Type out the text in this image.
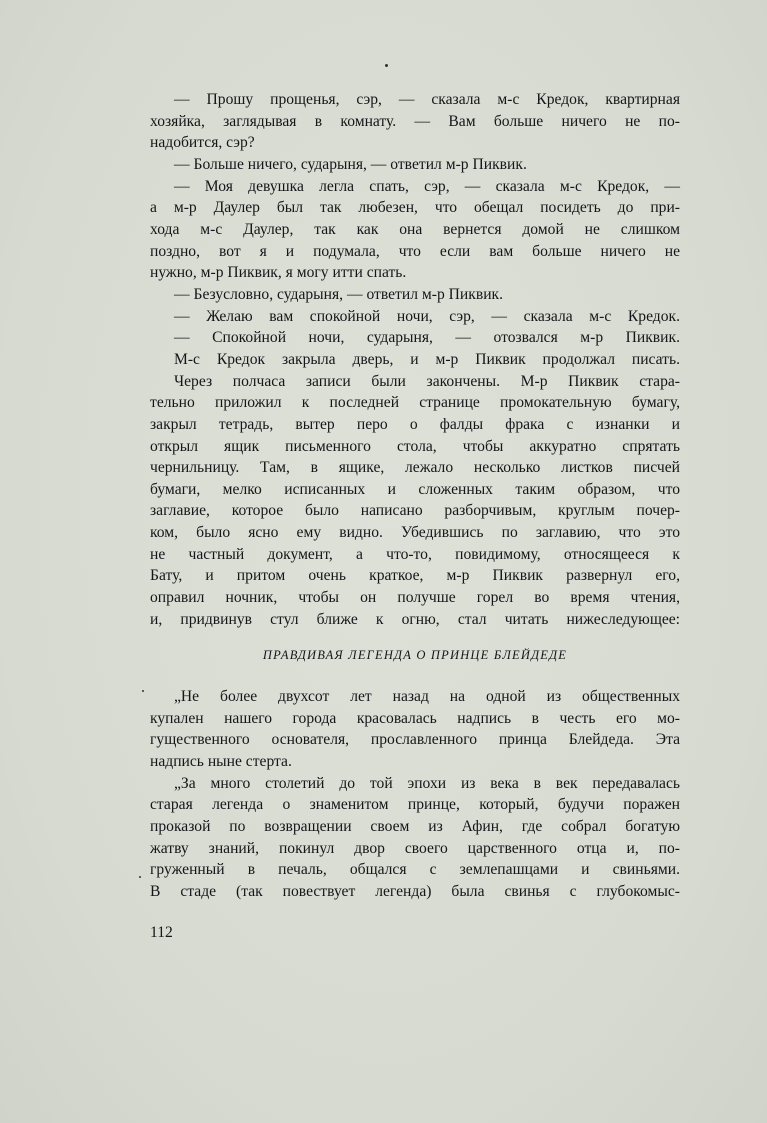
— Прошу прощенья, сэр, — сказала м-с Кредок, квартирная
хозяйка, заглядывая в комнату. — Вам больше ничего не по-
надобится, сэр?
— Больше ничего, сударыня, — ответил м-р Пиквик.
— Моя девушка легла спать, сэр, — сказала м-с Кредок, —
а м-р Даулер был так любезен, что обещал посидеть до при-
хода м-с Даулер, так как она вернется домой не слишком
поздно, вот я и подумала, что если вам больше ничего не
нужно, м-р Пиквик, я могу итти спать.
— Безусловно, сударыня, — ответил м-р Пиквик.
— Желаю вам спокойной ночи, сэр, — сказала м-с Кредок.
— Спокойной ночи, сударыня, — отозвался м-р Пиквик.
М-с Кредок закрыла дверь, и м-р Пиквик продолжал писать.
Через полчаса записи были закончены. М-р Пиквик стара-
тельно приложил к последней странице промокательную бумагу,
закрыл тетрадь, вытер перо о фалды фрака с изнанки и
открыл ящик письменного стола, чтобы аккуратно спрятать
чернильницу. Там, в ящике, лежало несколько листков писчей
бумаги, мелко исписанных и сложенных таким образом, что
заглавие, которое было написано разборчивым, круглым почер-
ком, было ясно ему видно. Убедившись по заглавию, что это
не частный документ, а что-то, повидимому, относящееся к
Бату, и притом очень краткое, м-р Пиквик развернул его,
оправил ночник, чтобы он получше горел во время чтения,
и, придвинув стул ближе к огню, стал читать нижеследующее:
ПРАВДИВАЯ ЛЕГЕНДА О ПРИНЦЕ БЛЕЙДЕДЕ
„Не более двухсот лет назад на одной из общественных
купален нашего города красовалась надпись в честь его мо-
гущественного основателя, прославленного принца Блейдеда. Эта
надпись ныне стерта.
„За много столетий до той эпохи из века в век передавалась
старая легенда о знаменитом принце, который, будучи поражен
проказой по возвращении своем из Афин, где собрал богатую
жатву знаний, покинул двор своего царственного отца и, по-
груженный в печаль, общался с землепашцами и свиньями.
В стаде (так повествует легенда) была свинья с глубокомыс-
112
